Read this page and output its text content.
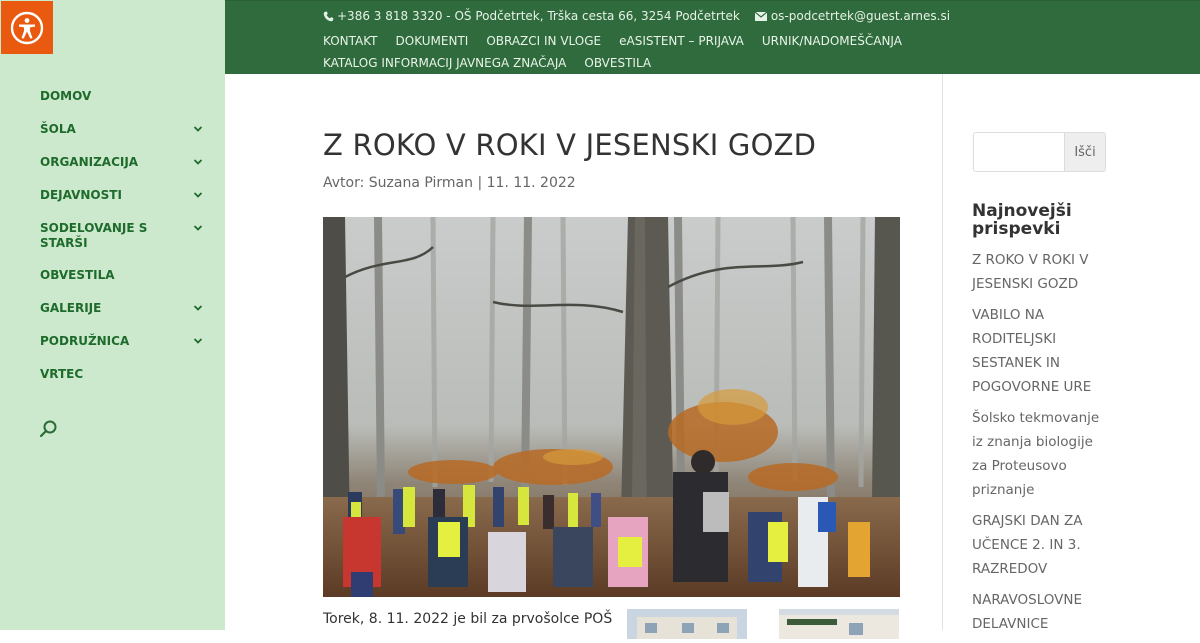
DOMOV
ŠOLA
ORGANIZACIJA
DEJAVNOSTI
SODELOVANJE S STARŠI
OBVESTILA
GALERIJE
PODRUŽNICA
VRTEC
+386 3 818 3320 - OŠ Podčetrtek, Trška cesta 66, 3254 Podčetrtek	os-podcetrtek@guest.arnes.si
KONTAKT DOKUMENTI OBRAZCI IN VLOGE eASISTENT – PRIJAVA URNIK/NADOMEŠČANJAKATALOG INFORMACIJ JAVNEGA ZNAČAJA OBVESTILA
Z ROKO V ROKI V JESENSKI GOZD

Avtor: Suzana Pirman | 11. 11. 2022

Torek, 8. 11. 2022 je bil za prvošolce POŠ

Išči
Najnovejši prispevki
Z ROKO V ROKI V JESENSKI GOZD
VABILO NA RODITELJSKI SESTANEK IN POGOVORNE URE
Šolsko tekmovanje iz znanja biologije za Proteusovo priznanje
GRAJSKI DAN ZA UČENCE 2. IN 3. RAZREDOV
NARAVOSLOVNE DELAVNICE
